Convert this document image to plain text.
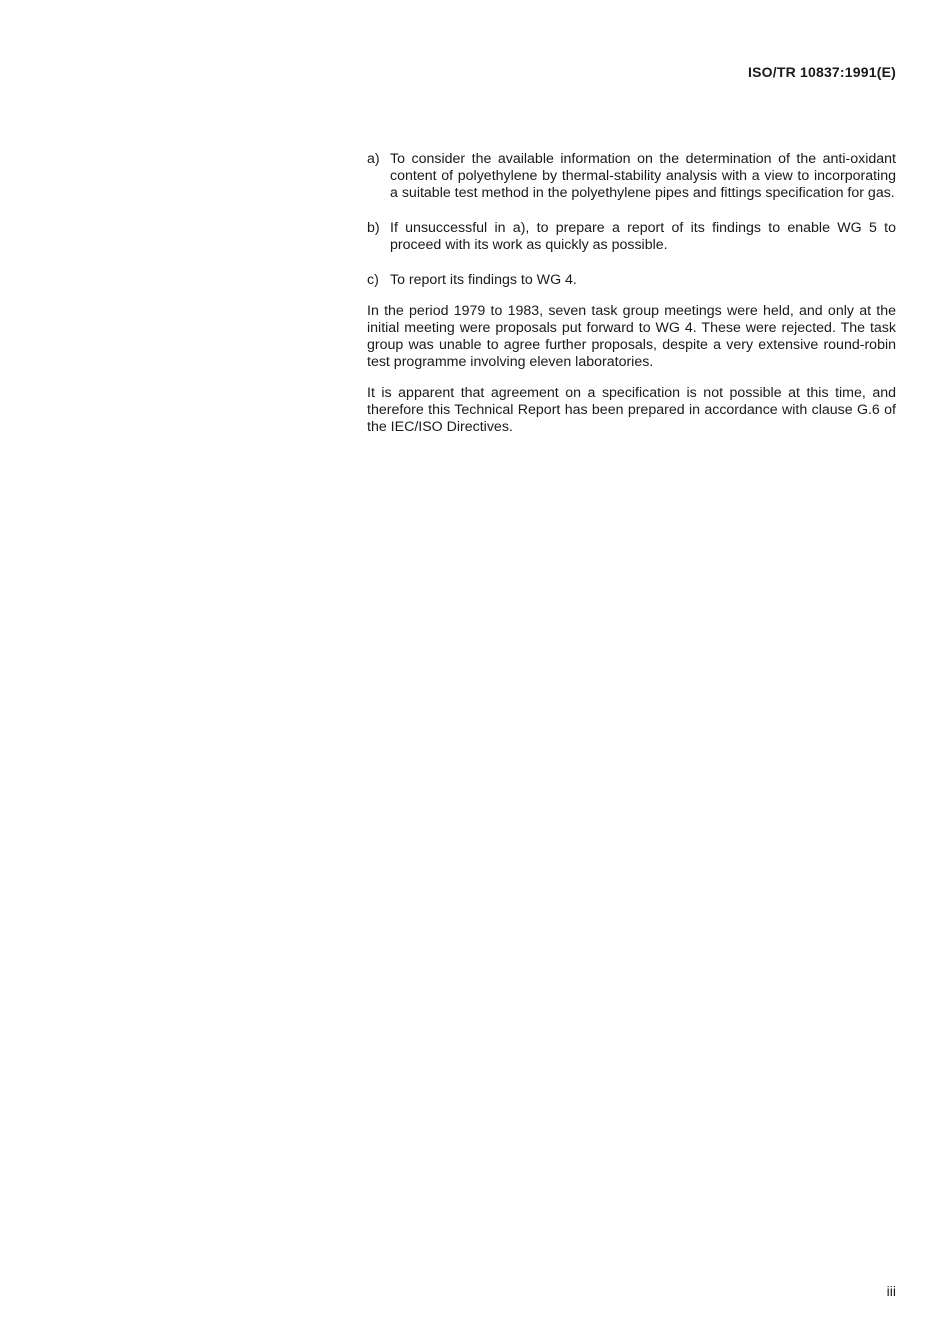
ISO/TR 10837:1991(E)
a) To consider the available information on the determination of the anti-oxidant content of polyethylene by thermal-stability analysis with a view to incorporating a suitable test method in the polyethylene pipes and fittings specification for gas.
b) If unsuccessful in a), to prepare a report of its findings to enable WG 5 to proceed with its work as quickly as possible.
c) To report its findings to WG 4.

In the period 1979 to 1983, seven task group meetings were held, and only at the initial meeting were proposals put forward to WG 4. These were rejected. The task group was unable to agree further proposals, despite a very extensive round-robin test programme involving eleven laboratories.

It is apparent that agreement on a specification is not possible at this time, and therefore this Technical Report has been prepared in accordance with clause G.6 of the IEC/ISO Directives.

iii
